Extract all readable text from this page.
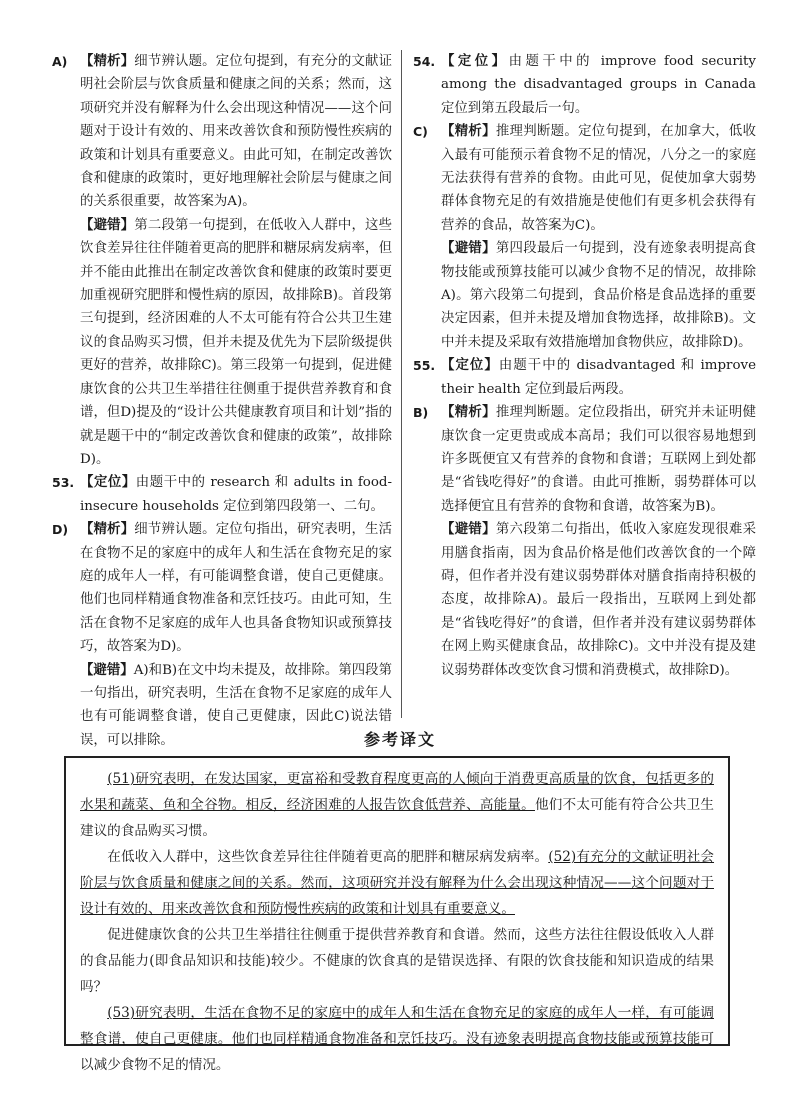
A) 【精析】细节辨认题。定位句提到，有充分的文献证明社会阶层与饮食质量和健康之间的关系；然而，这项研究并没有解释为什么会出现这种情况——这个问题对于设计有效的、用来改善饮食和预防慢性疾病的政策和计划具有重要意义。由此可知，在制定改善饮食和健康的政策时，更好地理解社会阶层与健康之间的关系很重要，故答案为A)。

【避错】第二段第一句提到，在低收入人群中，这些饮食差异往往伴随着更高的肥胖和糖尿病发病率，但并不能由此推出在制定改善饮食和健康的政策时要更加重视研究肥胖和慢性病的原因，故排除B)。首段第三句提到，经济困难的人不太可能有符合公共卫生建议的食品购买习惯，但并未提及优先为下层阶级提供更好的营养，故排除C)。第三段第一句提到，促进健康饮食的公共卫生举措往往侧重于提供营养教育和食谱，但D)提及的“设计公共健康教育项目和计划”指的就是题干中的“制定改善饮食和健康的政策”，故排除D)。

53. 【定位】由题干中的 research 和 adults in food-insecure households 定位到第四段第一、二句。

D) 【精析】细节辨认题。定位句指出，研究表明，生活在食物不足的家庭中的成年人和生活在食物充足的家庭的成年人一样，有可能调整食谱，使自己更健康。他们也同样精通食物准备和烹饪技巧。由此可知，生活在食物不足家庭的成年人也具备食物知识或预算技巧，故答案为D)。

【避错】A)和B)在文中均未提及，故排除。第四段第一句指出，研究表明，生活在食物不足家庭的成年人也有可能调整食谱，使自己更健康，因此C)说法错误，可以排除。

54. 【定位】由题干中的 improve food security among the disadvantaged groups in Canada 定位到第五段最后一句。

C) 【精析】推理判断题。定位句提到，在加拿大，低收入最有可能预示着食物不足的情况，八分之一的家庭无法获得有营养的食物。由此可见，促使加拿大弱势群体食物充足的有效措施是使他们有更多机会获得有营养的食品，故答案为C)。

【避错】第四段最后一句提到，没有迹象表明提高食物技能或预算技能可以减少食物不足的情况，故排除A)。第六段第二句提到，食品价格是食品选择的重要决定因素，但并未提及增加食物选择，故排除B)。文中并未提及采取有效措施增加食物供应，故排除D)。

55. 【定位】由题干中的 disadvantaged 和 improve their health 定位到最后两段。

B) 【精析】推理判断题。定位段指出，研究并未证明健康饮食一定更贵或成本高昂；我们可以很容易地想到许多既便宜又有营养的食物和食谱；互联网上到处都是“省钱吃得好”的食谱。由此可推断，弱势群体可以选择便宜且有营养的食物和食谱，故答案为B)。

【避错】第六段第二句指出，低收入家庭发现很难采用膳食指南，因为食品价格是他们改善饮食的一个障碍，但作者并没有建议弱势群体对膳食指南持积极的态度，故排除A)。最后一段指出，互联网上到处都是“省钱吃得好”的食谱，但作者并没有建议弱势群体在网上购买健康食品，故排除C)。文中并没有提及建议弱势群体改变饮食习惯和消费模式，故排除D)。

参考译文

(51)研究表明，在发达国家，更富裕和受教育程度更高的人倾向于消费更高质量的饮食，包括更多的水果和蔬菜、鱼和全谷物。相反，经济困难的人报告饮食低营养、高能量。他们不太可能有符合公共卫生建议的食品购买习惯。

在低收入人群中，这些饮食差异往往伴随着更高的肥胖和糖尿病发病率。(52)有充分的文献证明社会阶层与饮食质量和健康之间的关系。然而，这项研究并没有解释为什么会出现这种情况——这个问题对于设计有效的、用来改善饮食和预防慢性疾病的政策和计划具有重要意义。

促进健康饮食的公共卫生举措往往侧重于提供营养教育和食谱。然而，这些方法往往假设低收入人群的食品能力(即食品知识和技能)较少。不健康的饮食真的是错误选择、有限的饮食技能和知识造成的结果吗？

(53)研究表明，生活在食物不足的家庭中的成年人和生活在食物充足的家庭的成年人一样，有可能调整食谱，使自己更健康。他们也同样精通食物准备和烹饪技巧。没有迹象表明提高食物技能或预算技能可以减少食物不足的情况。
